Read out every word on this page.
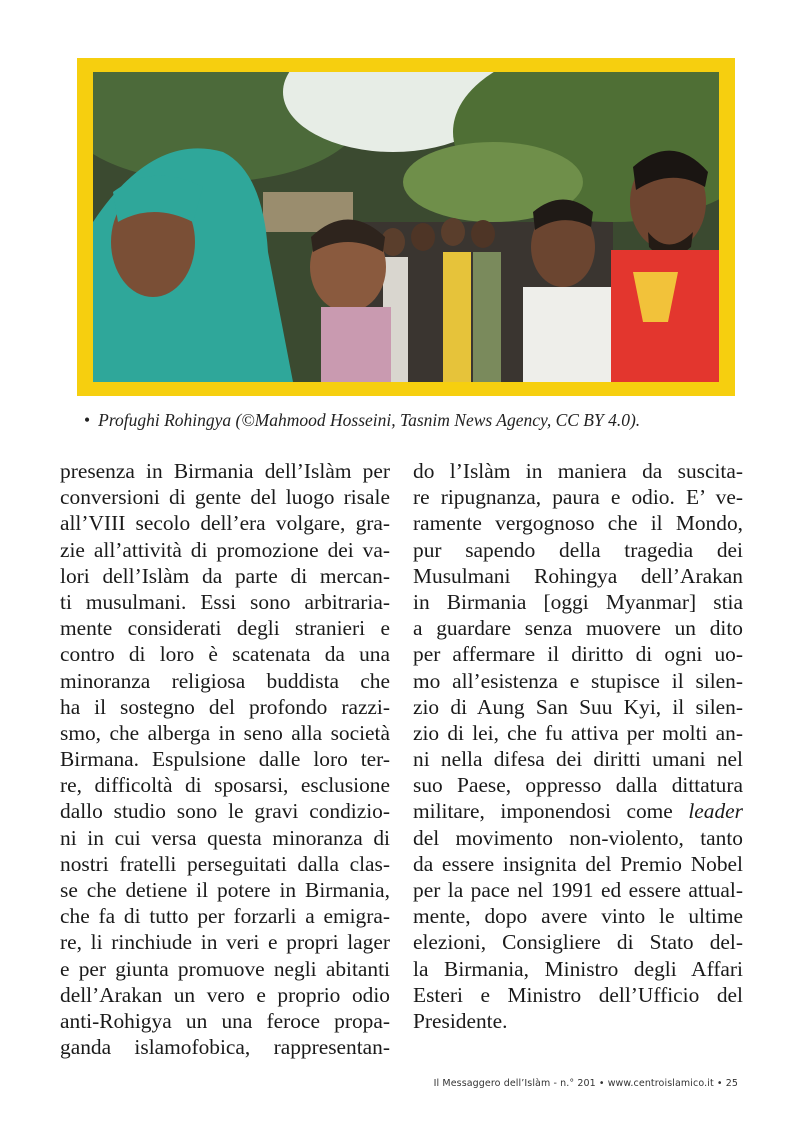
• Profughi Rohingya (©Mahmood Hosseini, Tasnim News Agency, CC BY 4.0).
presenza in Birmania dell’Islàm per
conversioni di gente del luogo risale
all’VIII secolo dell’era volgare, gra-
zie all’attività di promozione dei va-
lori dell’Islàm da parte di mercan-
ti musulmani. Essi sono arbitraria-
mente considerati degli stranieri e
contro di loro è scatenata da una
minoranza religiosa buddista che
ha il sostegno del profondo razzi-
smo, che alberga in seno alla società
Birmana. Espulsione dalle loro ter-
re, difficoltà di sposarsi, esclusione
dallo studio sono le gravi condizio-
ni in cui versa questa minoranza di
nostri fratelli perseguitati dalla clas-
se che detiene il potere in Birmania,
che fa di tutto per forzarli a emigra-
re, li rinchiude in veri e propri lager
e per giunta promuove negli abitanti
dell’Arakan un vero e proprio odio
anti-Rohigya un una feroce propa-
ganda islamofobica, rappresentan-
do l’Islàm in maniera da suscita-
re ripugnanza, paura e odio. E’ ve-
ramente vergognoso che il Mondo,
pur sapendo della tragedia dei
Musulmani Rohingya dell’Arakan
in Birmania [oggi Myanmar] stia
a guardare senza muovere un dito
per affermare il diritto di ogni uo-
mo all’esistenza e stupisce il silen-
zio di Aung San Suu Kyi, il silen-
zio di lei, che fu attiva per molti an-
ni nella difesa dei diritti umani nel
suo Paese, oppresso dalla dittatura
militare, imponendosi come leader
del movimento non-violento, tanto
da essere insignita del Premio Nobel
per la pace nel 1991 ed essere attual-
mente, dopo avere vinto le ultime
elezioni, Consigliere di Stato del-
la Birmania, Ministro degli Affari
Esteri e Ministro dell’Ufficio del
Presidente.
Il Messaggero dell’Islàm - n.° 201 • www.centroislamico.it • 25
